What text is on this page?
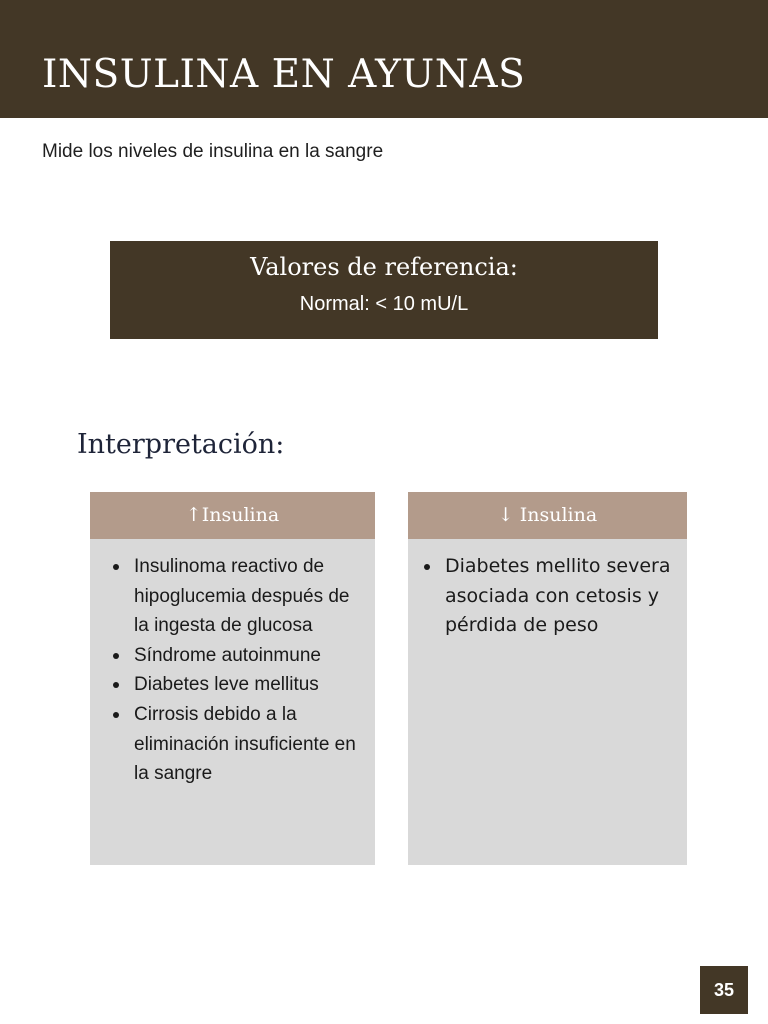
INSULINA EN AYUNAS
Mide los niveles de insulina en la sangre
Valores de referencia:
Normal: < 10 mU/L
Interpretación:
↑Insulina
Insulinoma reactivo de hipoglucemia después de la ingesta de glucosa
Síndrome autoinmune
Diabetes leve mellitus
Cirrosis debido a la eliminación insuficiente en la sangre
↓ Insulina
Diabetes mellito severa asociada con cetosis y pérdida de peso
35
